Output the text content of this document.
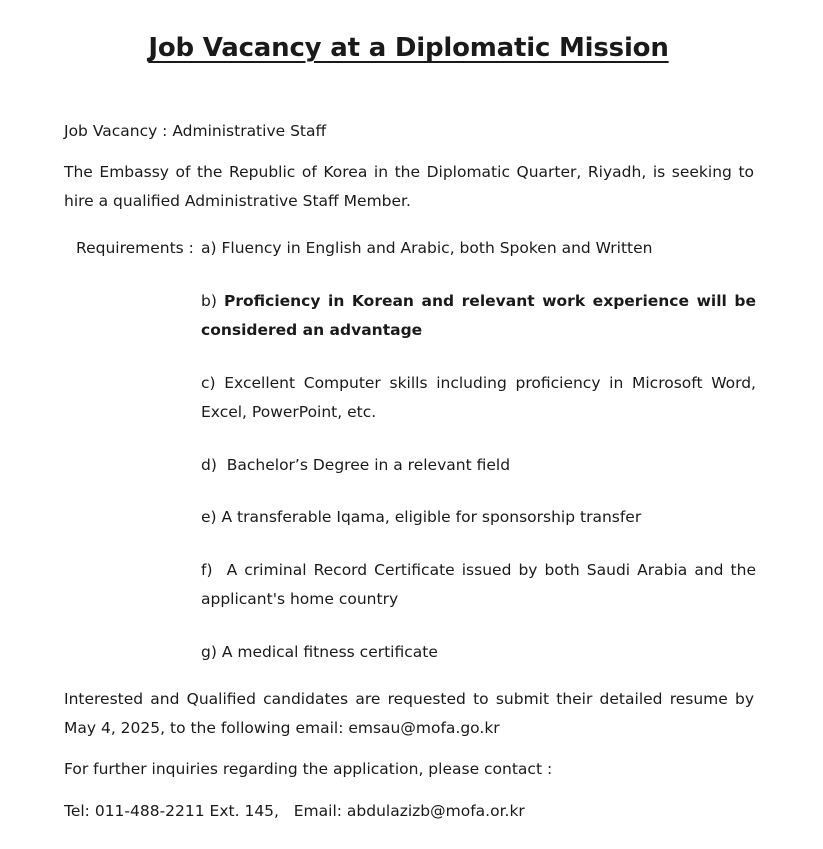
Job Vacancy at a Diplomatic Mission

Job Vacancy : Administrative Staff

The Embassy of the Republic of Korea in the Diplomatic Quarter, Riyadh, is seeking to hire a qualified Administrative Staff Member.

Requirements : a) Fluency in English and Arabic, both Spoken and Written

b) Proficiency in Korean and relevant work experience will be considered an advantage

c) Excellent Computer skills including proficiency in Microsoft Word, Excel, PowerPoint, etc.

d) Bachelor’s Degree in a relevant field

e) A transferable Iqama, eligible for sponsorship transfer

f) A criminal Record Certificate issued by both Saudi Arabia and the applicant's home country

g) A medical fitness certificate

Interested and Qualified candidates are requested to submit their detailed resume by May 4, 2025, to the following email: emsau@mofa.go.kr

For further inquiries regarding the application, please contact :

Tel: 011-488-2211 Ext. 145,   Email: abdulazizb@mofa.or.kr
